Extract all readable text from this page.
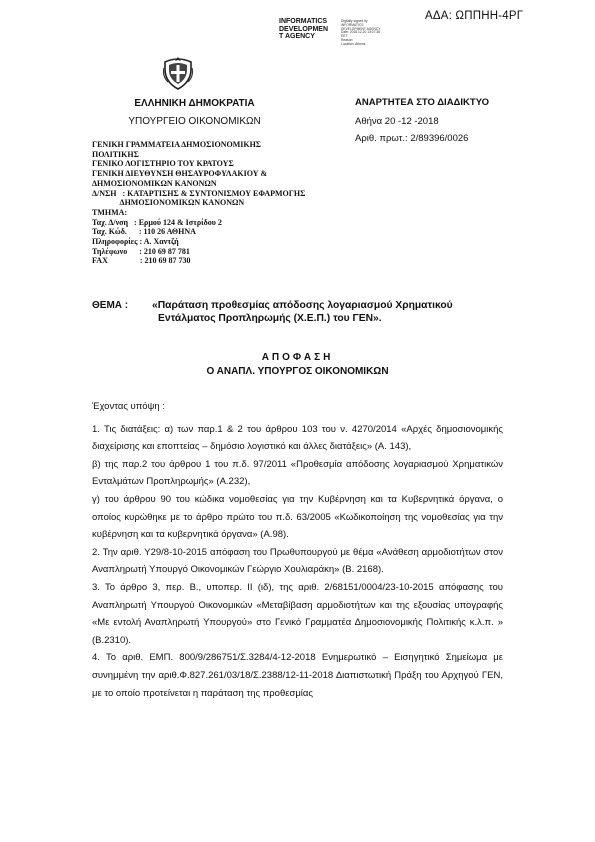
ΑΔΑ: ΩΠΠΗΗ-4ΡΓ
INFORMATICS
DEVELOPMEN
T AGENCY
Digitally signed by
INFORMATICS
DEVELOPMENT AGENCY
Date: 2018.12.20 13:07:38
EET
Reason:
Location: Athens
ΕΛΛΗΝΙΚΗ ΔΗΜΟΚΡΑΤΙΑ
ΥΠΟΥΡΓΕΙΟ ΟΙΚΟΝΟΜΙΚΩΝ
ΑΝΑΡΤΗΤΕΑ ΣΤΟ ΔΙΑΔΙΚΤΥΟ
Αθήνα 20 -12 -2018
Αριθ. πρωτ.: 2/89396/0026
ΓΕΝΙΚΗ ΓΡΑΜΜΑΤΕΙΑ ΔΗΜΟΣΙΟΝΟΜΙΚΗΣ
ΠΟΛΙΤΙΚΗΣ
ΓΕΝΙΚΟ ΛΟΓΙΣΤΗΡΙΟ ΤΟΥ ΚΡΑΤΟΥΣ
ΓΕΝΙΚΗ ΔΙΕΥΘΥΝΣΗ ΘΗΣΑΥΡΟΦΥΛΑΚΙΟΥ &
ΔΗΜΟΣΙΟΝΟΜΙΚΩΝ ΚΑΝΟΝΩΝ
Δ/ΝΣΗ   : ΚΑΤΑΡΤΙΣΗΣ & ΣΥΝΤΟΝΙΣΜΟΥ ΕΦΑΡΜΟΓΗΣ
ΔΗΜΟΣΙΟΝΟΜΙΚΩΝ ΚΑΝΟΝΩΝ
ΤΜΗΜΑ:
Ταχ. Δ/νση   : Ερμού 124 & Ιστρίδου 2
Ταχ. Κώδ.      : 110 26 ΑΘΗΝΑ
Πληροφορίες : Α. Χαντζή
Τηλέφωνο      : 210 69 87 781
FAX                : 210 69 87 730
ΘΕΜΑ : «Παράταση προθεσμίας απόδοσης λογαριασμού Χρηματικού
Εντάλματος Προπληρωμής (Χ.Ε.Π.) του ΓΕΝ».
ΑΠΟΦΑΣΗ
Ο ΑΝΑΠΛ. ΥΠΟΥΡΓΟΣ ΟΙΚΟΝΟΜΙΚΩΝ

Έχοντας υπόψη :

1. Τις διατάξεις: α) των παρ.1 & 2 του άρθρου 103 του ν. 4270/2014 «Αρχές δημοσιονομικής διαχείρισης και εποπτείας – δημόσιο λογιστικό και άλλες διατάξεις» (Α. 143),

β) της παρ.2 του άρθρου 1 του π.δ. 97/2011 «Προθεσμία απόδοσης λογαριασμού Χρηματικών Ενταλμάτων Προπληρωμής» (Α.232),

γ) του άρθρου 90 του κώδικα νομοθεσίας για την Κυβέρνηση και τα Κυβερνητικά όργανα, ο οποίος κυρώθηκε με το άρθρο πρώτο του π.δ. 63/2005 «Κωδικοποίηση της νομοθεσίας για την κυβέρνηση και τα κυβερνητικά όργανα» (Α.98).

2. Την αριθ. Υ29/8-10-2015 απόφαση του Πρωθυπουργού με θέμα «Ανάθεση αρμοδιοτήτων στον Αναπληρωτή Υπουργό Οικονομικών Γεώργιο Χουλιαράκη» (Β. 2168).

3. Το άρθρο 3, περ. Β., υποπερ. ΙΙ (ιδ), της αριθ. 2/68151/0004/23-10-2015 απόφασης του Αναπληρωτή Υπουργού Οικονομικών «Μεταβίβαση αρμοδιοτήτων και της εξουσίας υπογραφής «Με εντολή Αναπληρωτή Υπουργού» στο Γενικό Γραμματέα Δημοσιονομικής Πολιτικής κ.λ.π. » (Β.2310).

4. Το αριθ. ΕΜΠ. 800/9/286751/Σ.3284/4-12-2018 Ενημερωτικό – Εισηγητικό Σημείωμα με συνημμένη την αριθ.Φ.827.261/03/18/Σ.2388/12-11-2018 Διαπιστωτική Πράξη του Αρχηγού ΓΕΝ, με το οποίο προτείνεται η παράταση της προθεσμίας
